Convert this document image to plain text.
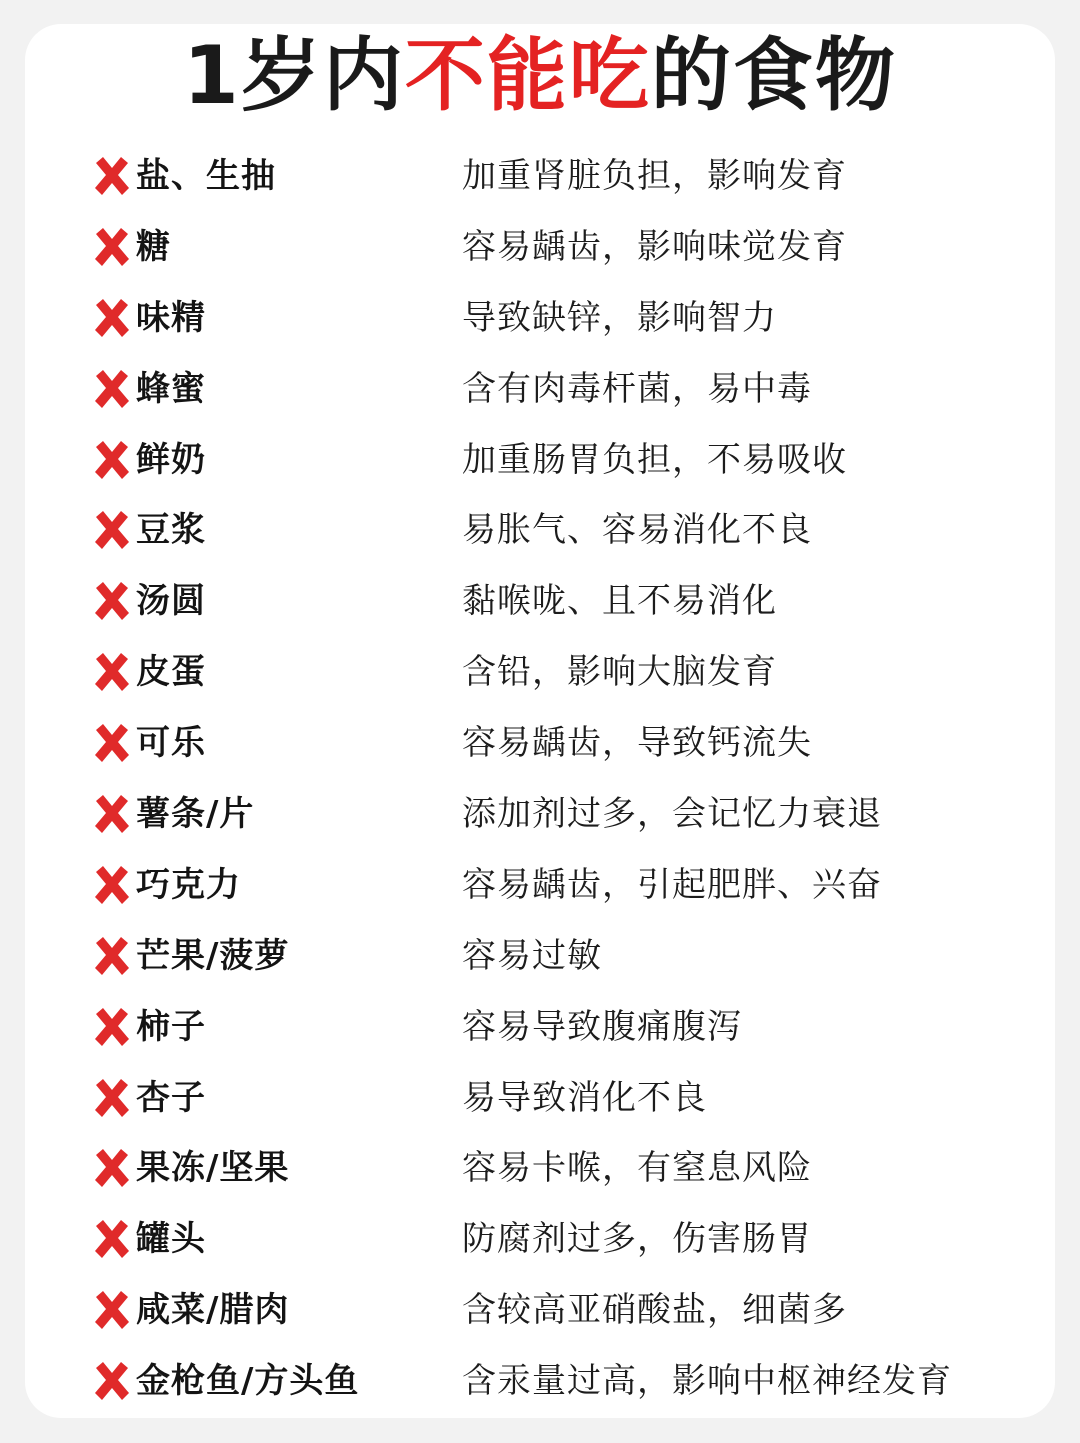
1岁内不能吃的食物
盐、生抽	加重肾脏负担，影响发育
糖	容易龋齿，影响味觉发育
味精	导致缺锌，影响智力
蜂蜜	含有肉毒杆菌，易中毒
鲜奶	加重肠胃负担，不易吸收
豆浆	易胀气、容易消化不良
汤圆	黏喉咙、且不易消化
皮蛋	含铅，影响大脑发育
可乐	容易龋齿，导致钙流失
薯条/片	添加剂过多，会记忆力衰退
巧克力	容易龋齿，引起肥胖、兴奋
芒果/菠萝	容易过敏
柿子	容易导致腹痛腹泻
杏子	易导致消化不良
果冻/坚果	容易卡喉，有窒息风险
罐头	防腐剂过多，伤害肠胃
咸菜/腊肉	含较高亚硝酸盐，细菌多
金枪鱼/方头鱼	含汞量过高，影响中枢神经发育
